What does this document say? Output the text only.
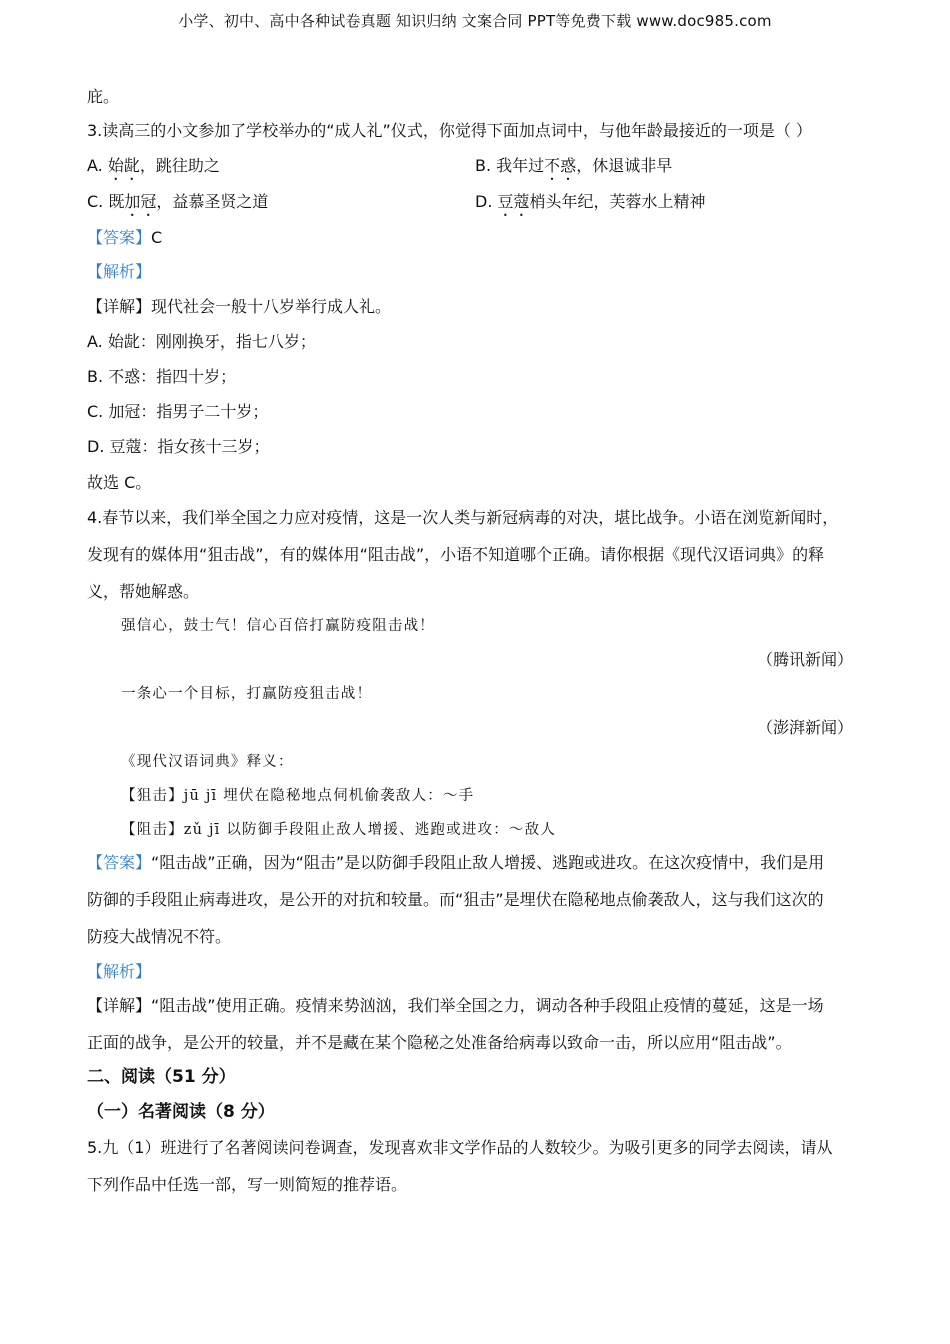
小学、初中、高中各种试卷真题 知识归纳 文案合同 PPT等免费下载 www.doc985.com
庇。
3.读高三的小文参加了学校举办的“成人礼”仪式，你觉得下面加点词中，与他年龄最接近的一项是（ ）
A. 始龀，跳往助之	B. 我年过不惑，休退诚非早
C. 既加冠，益慕圣贤之道	D. 豆蔻梢头年纪，芙蓉水上精神
【答案】C
【解析】
【详解】现代社会一般十八岁举行成人礼。
A. 始龀：刚刚换牙，指七八岁；
B. 不惑：指四十岁；
C. 加冠：指男子二十岁；
D. 豆蔻：指女孩十三岁；
故选 C。
4.春节以来，我们举全国之力应对疫情，这是一次人类与新冠病毒的对决，堪比战争。小语在浏览新闻时，
发现有的媒体用“狙击战”，有的媒体用“阻击战”，小语不知道哪个正确。请你根据《现代汉语词典》的释
义，帮她解惑。
强信心，鼓士气！信心百倍打赢防疫阻击战！
（腾讯新闻）
一条心一个目标，打赢防疫狙击战！
（澎湃新闻）
《现代汉语词典》释义：
【狙击】jū jī 埋伏在隐秘地点伺机偷袭敌人：～手
【阻击】zǔ jī 以防御手段阻止敌人增援、逃跑或进攻：～敌人
【答案】“阻击战”正确，因为“阻击”是以防御手段阻止敌人增援、逃跑或进攻。在这次疫情中，我们是用
防御的手段阻止病毒进攻，是公开的对抗和较量。而“狙击”是埋伏在隐秘地点偷袭敌人，这与我们这次的
防疫大战情况不符。
【解析】
【详解】“阻击战”使用正确。疫情来势汹汹，我们举全国之力，调动各种手段阻止疫情的蔓延，这是一场
正面的战争，是公开的较量，并不是藏在某个隐秘之处准备给病毒以致命一击，所以应用“阻击战”。
二、阅读（51 分）
（一）名著阅读（8 分）
5.九（1）班进行了名著阅读问卷调查，发现喜欢非文学作品的人数较少。为吸引更多的同学去阅读，请从
下列作品中任选一部，写一则简短的推荐语。
